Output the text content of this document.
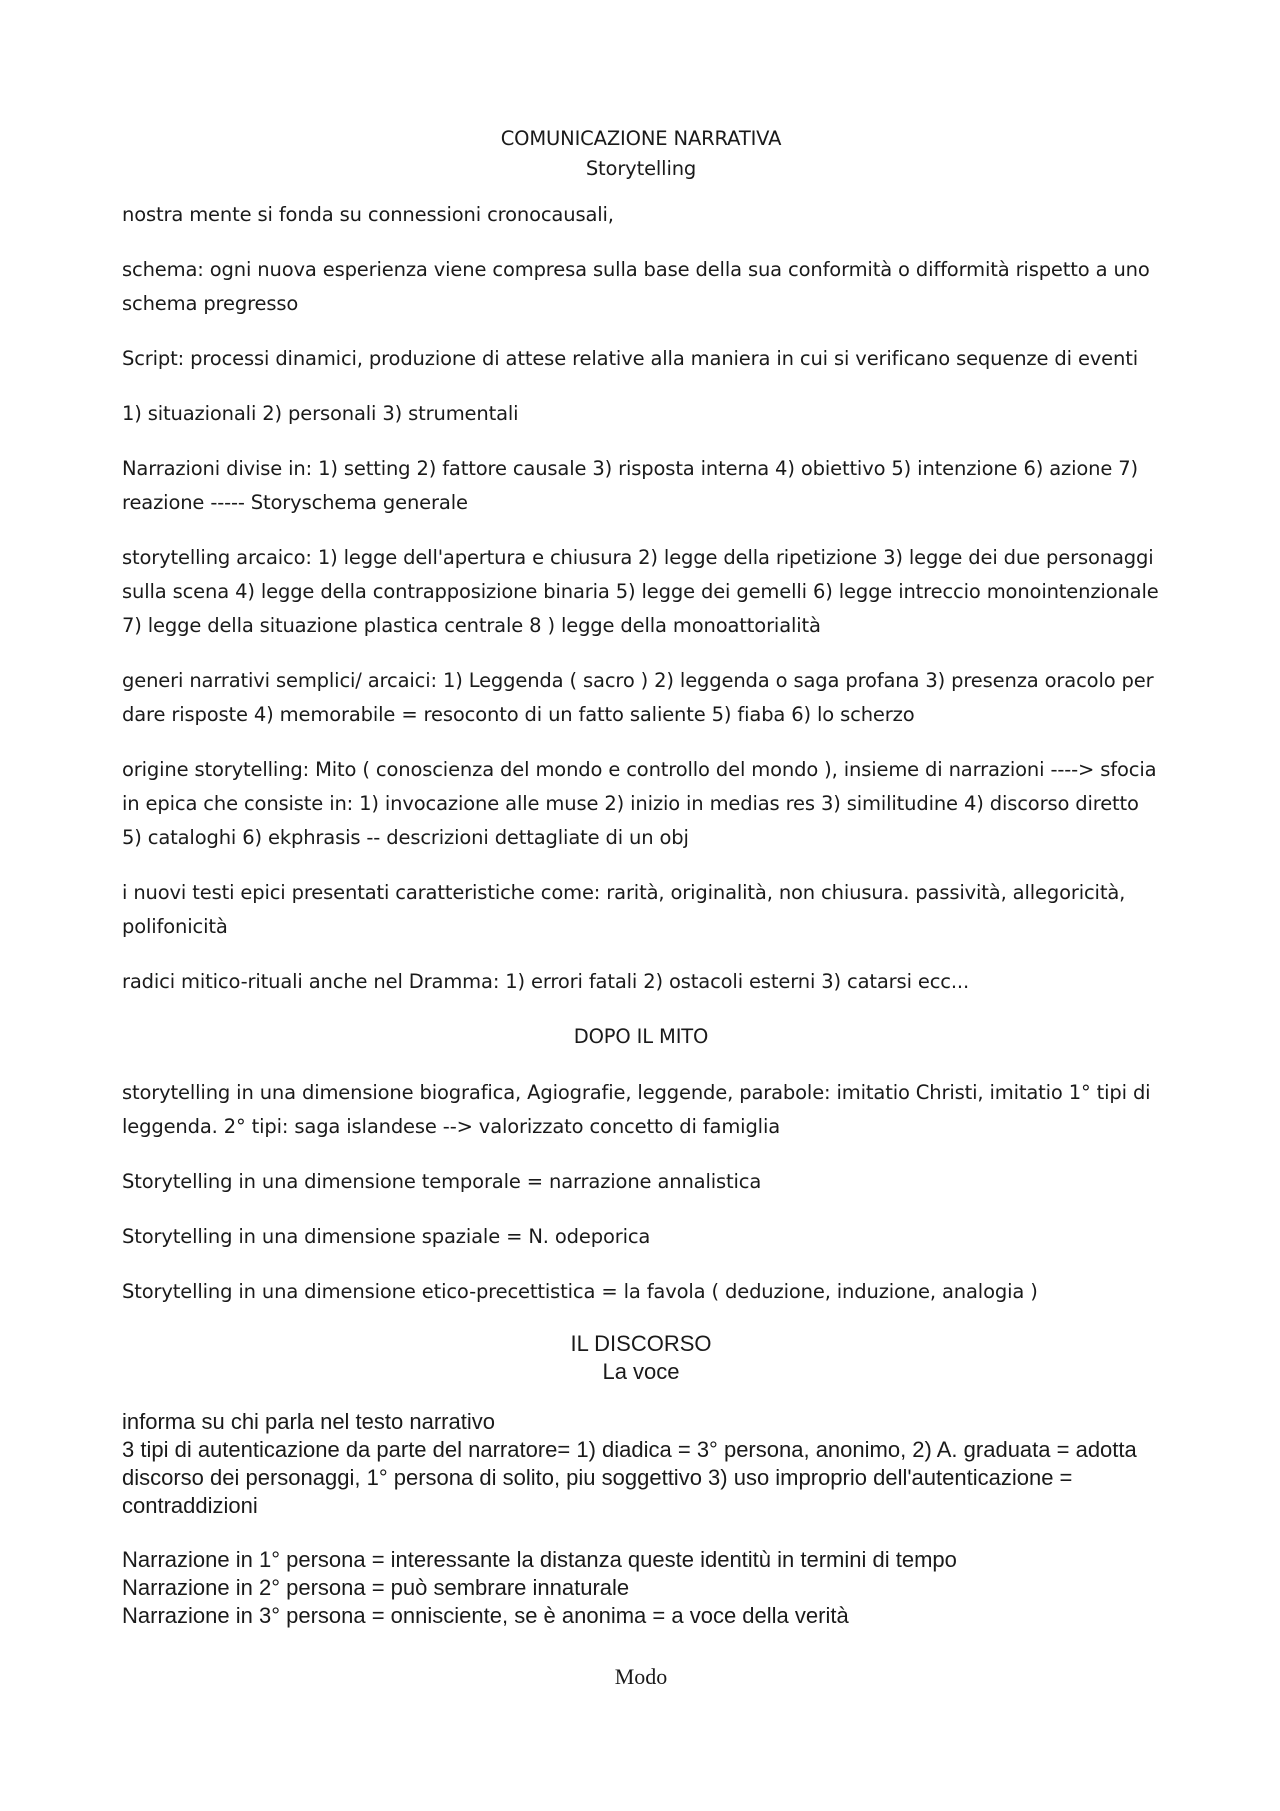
COMUNICAZIONE NARRATIVA

Storytelling

nostra mente si fonda su connessioni cronocausali,

schema: ogni nuova esperienza viene compresa sulla base della sua conformità o difformità rispetto a uno schema pregresso

Script: processi dinamici, produzione di attese relative alla maniera in cui si verificano sequenze di eventi

1) situazionali 2) personali 3) strumentali

Narrazioni divise in: 1) setting 2) fattore causale 3) risposta interna 4) obiettivo 5) intenzione 6) azione 7) reazione ----- Storyschema generale

storytelling arcaico: 1) legge dell'apertura e chiusura 2) legge della ripetizione 3) legge dei due personaggi sulla scena 4) legge della contrapposizione binaria 5) legge dei gemelli 6) legge intreccio monointenzionale 7) legge della situazione plastica centrale 8 ) legge della monoattorialità

generi narrativi semplici/ arcaici: 1) Leggenda ( sacro ) 2) leggenda o saga profana 3) presenza oracolo per dare risposte 4) memorabile = resoconto di un fatto saliente 5) fiaba 6) lo scherzo

origine storytelling: Mito ( conoscienza del mondo e controllo del mondo ), insieme di narrazioni ----> sfocia in epica che consiste in: 1) invocazione alle muse 2) inizio in medias res 3) similitudine 4) discorso diretto 5) cataloghi 6) ekphrasis -- descrizioni dettagliate di un obj

i nuovi testi epici presentati caratteristiche come: rarità, originalità, non chiusura. passività, allegoricità, polifonicità

radici mitico-rituali anche nel Dramma: 1) errori fatali 2) ostacoli esterni 3) catarsi ecc...

DOPO IL MITO

storytelling in una dimensione biografica, Agiografie, leggende, parabole: imitatio Christi, imitatio 1° tipi di leggenda. 2° tipi: saga islandese --> valorizzato concetto di famiglia

Storytelling in una dimensione temporale = narrazione annalistica

Storytelling in una dimensione spaziale = N. odeporica

Storytelling in una dimensione etico-precettistica = la favola ( deduzione, induzione, analogia )

IL DISCORSO

La voce

informa su chi parla nel testo narrativo

3 tipi di autenticazione da parte del narratore= 1) diadica = 3° persona, anonimo, 2) A. graduata = adotta discorso dei personaggi, 1° persona di solito, piu soggettivo 3) uso improprio dell'autenticazione = contraddizioni

Narrazione in 1° persona = interessante la distanza queste identitù in termini di tempo

Narrazione in 2° persona = può sembrare innaturale

Narrazione in 3° persona = onnisciente, se è anonima = a voce della verità

Modo
